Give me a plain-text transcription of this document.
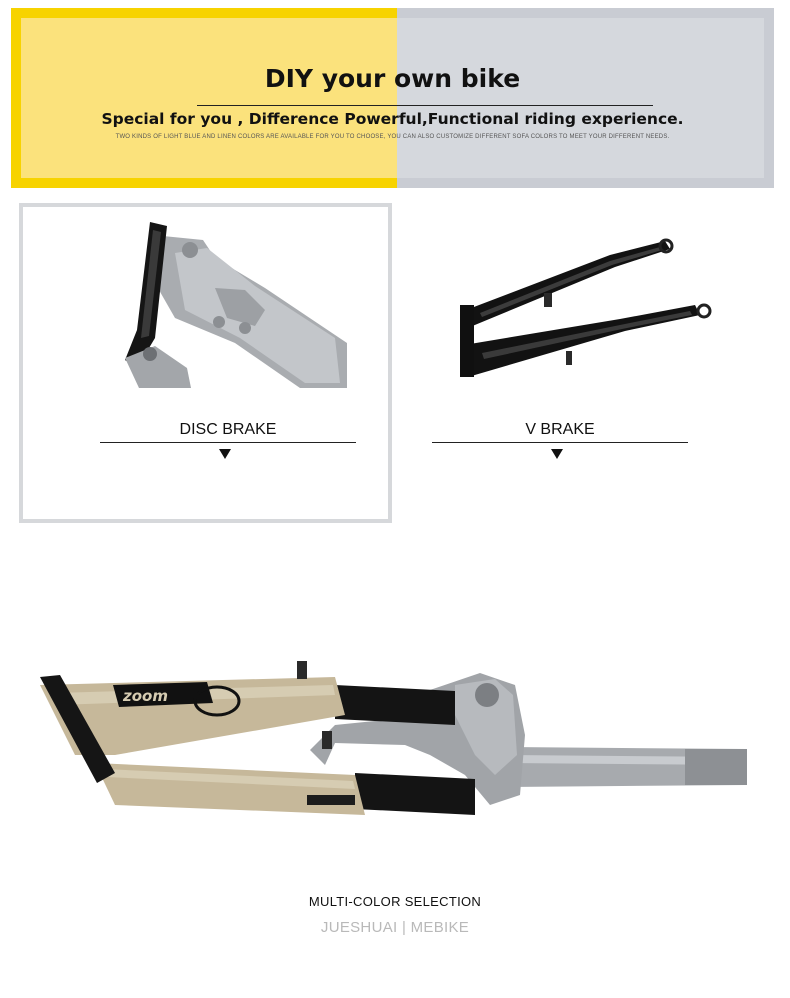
DIY your own bike
Special for you , Difference Powerful,Functional riding experience.
TWO KINDS OF LIGHT BLUE AND LINEN COLORS ARE AVAILABLE FOR YOU TO CHOOSE, YOU CAN ALSO CUSTOMIZE DIFFERENT SOFA COLORS TO MEET YOUR DIFFERENT NEEDS.
DISC BRAKE	V BRAKE
zoom
MULTI-COLOR SELECTION
JUESHUAI | MEBIKE
